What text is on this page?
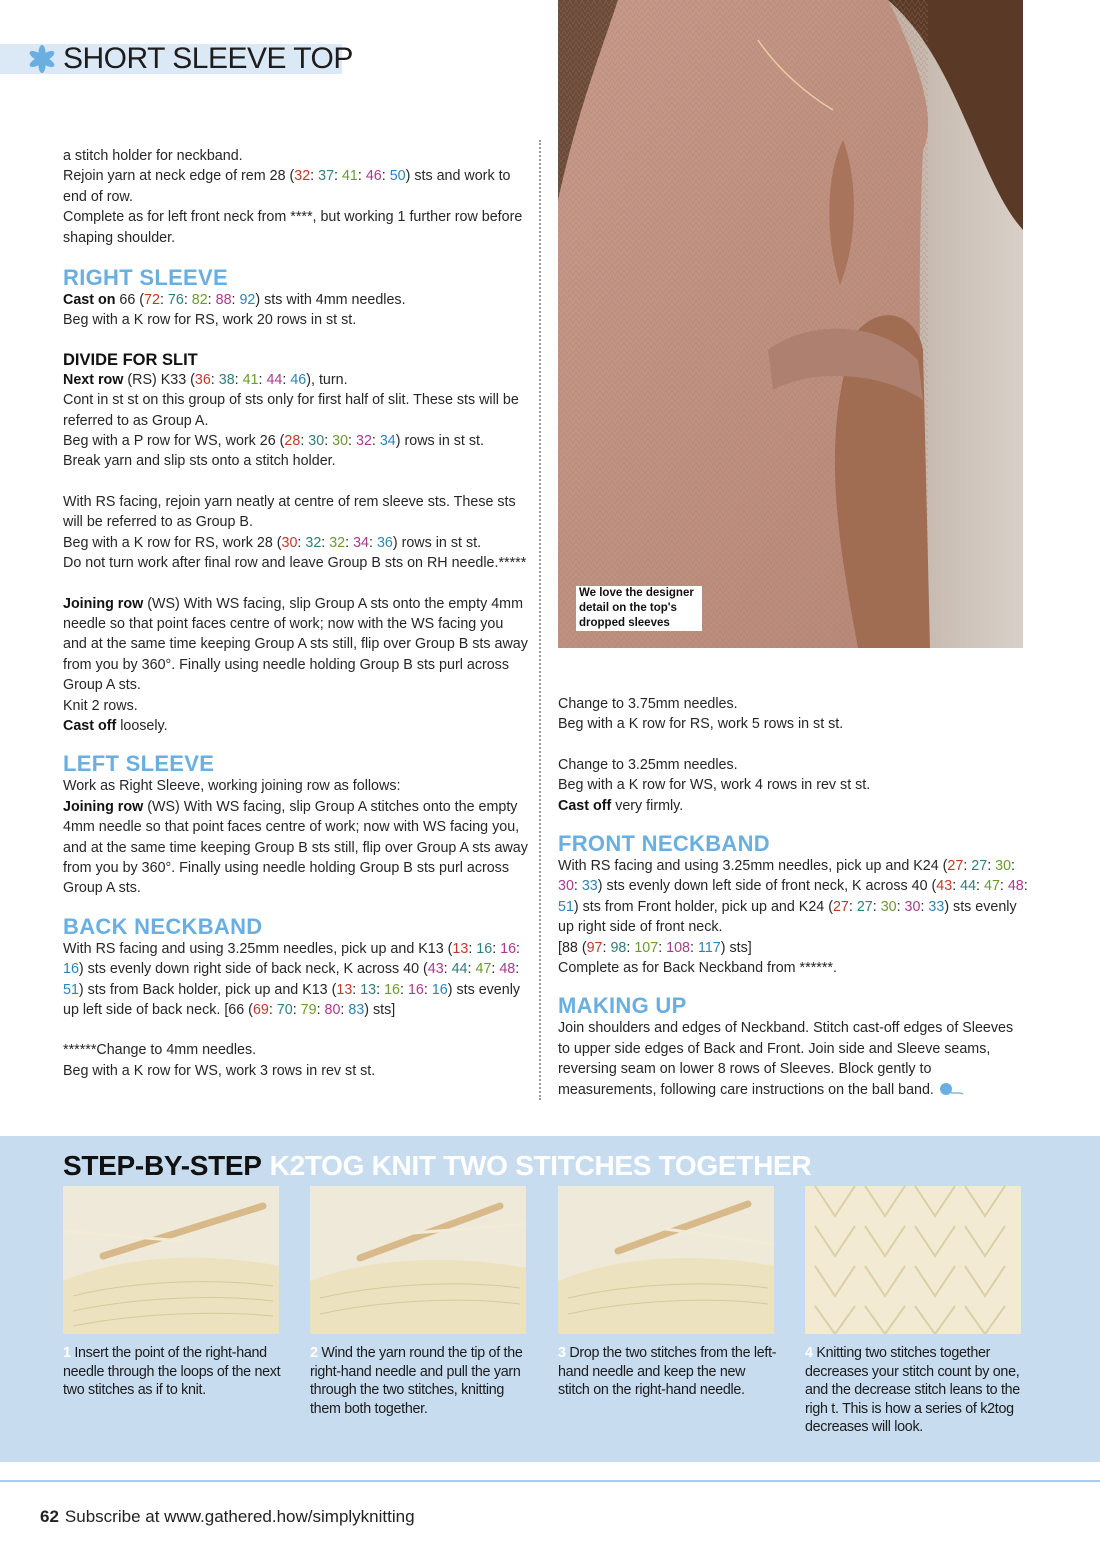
SHORT SLEEVE TOP

a stitch holder for neckband.

Rejoin yarn at neck edge of rem 28 (32: 37: 41: 46: 50) sts and work to end of row.

Complete as for left front neck from ****, but working 1 further row before shaping shoulder.

RIGHT SLEEVE

Cast on 66 (72: 76: 82: 88: 92) sts with 4mm needles.

Beg with a K row for RS, work 20 rows in st st.

DIVIDE FOR SLIT

Next row (RS) K33 (36: 38: 41: 44: 46), turn.

Cont in st st on this group of sts only for first half of slit. These sts will be referred to as Group A.

Beg with a P row for WS, work 26 (28: 30: 30: 32: 34) rows in st st.

Break yarn and slip sts onto a stitch holder.

With RS facing, rejoin yarn neatly at centre of rem sleeve sts. These sts will be referred to as Group B.

Beg with a K row for RS, work 28 (30: 32: 32: 34: 36) rows in st st.

Do not turn work after final row and leave Group B sts on RH needle.*****

Joining row (WS) With WS facing, slip Group A sts onto the empty 4mm needle so that point faces centre of work; now with the WS facing you and at the same time keeping Group A sts still, flip over Group B sts away from you by 360°. Finally using needle holding Group B sts purl across Group A sts.

Knit 2 rows.

Cast off loosely.

LEFT SLEEVE

Work as Right Sleeve, working joining row as follows:

Joining row (WS) With WS facing, slip Group A stitches onto the empty 4mm needle so that point faces centre of work; now with WS facing you, and at the same time keeping Group B sts still, flip over Group A sts away from you by 360°. Finally using needle holding Group B sts purl across Group A sts.

BACK NECKBAND

With RS facing and using 3.25mm needles, pick up and K13 (13: 16: 16: 16) sts evenly down right side of back neck, K across 40 (43: 44: 47: 48: 51) sts from Back holder, pick up and K13 (13: 13: 16: 16: 16) sts evenly up left side of back neck. [66 (69: 70: 79: 80: 83) sts]

******Change to 4mm needles.

Beg with a K row for WS, work 3 rows in rev st st.

We love the designer detail on the top's dropped sleeves

Change to 3.75mm needles.

Beg with a K row for RS, work 5 rows in st st.

Change to 3.25mm needles.

Beg with a K row for WS, work 4 rows in rev st st.

Cast off very firmly.

FRONT NECKBAND

With RS facing and using 3.25mm needles, pick up and K24 (27: 27: 30: 30: 33) sts evenly down left side of front neck, K across 40 (43: 44: 47: 48: 51) sts from Front holder, pick up and K24 (27: 27: 30: 30: 33) sts evenly up right side of front neck.

[88 (97: 98: 107: 108: 117) sts]

Complete as for Back Neckband from ******.

MAKING UP

Join shoulders and edges of Neckband. Stitch cast-off edges of Sleeves to upper side edges of Back and Front. Join side and Sleeve seams, reversing seam on lower 8 rows of Sleeves. Block gently to measurements, following care instructions on the ball band.

STEP-BY-STEP K2TOG KNIT TWO STITCHES TOGETHER
1 Insert the point of the right-hand needle through the loops of the next two stitches as if to knit.
2 Wind the yarn round the tip of the right-hand needle and pull the yarn through the two stitches, knitting them both together.
3 Drop the two stitches from the left-hand needle and keep the new stitch on the right-hand needle.
4 Knitting two stitches together decreases your stitch count by one, and the decrease stitch leans to the righ t. This is how a series of k2tog decreases will look.
62 Subscribe at www.gathered.how/simplyknitting
